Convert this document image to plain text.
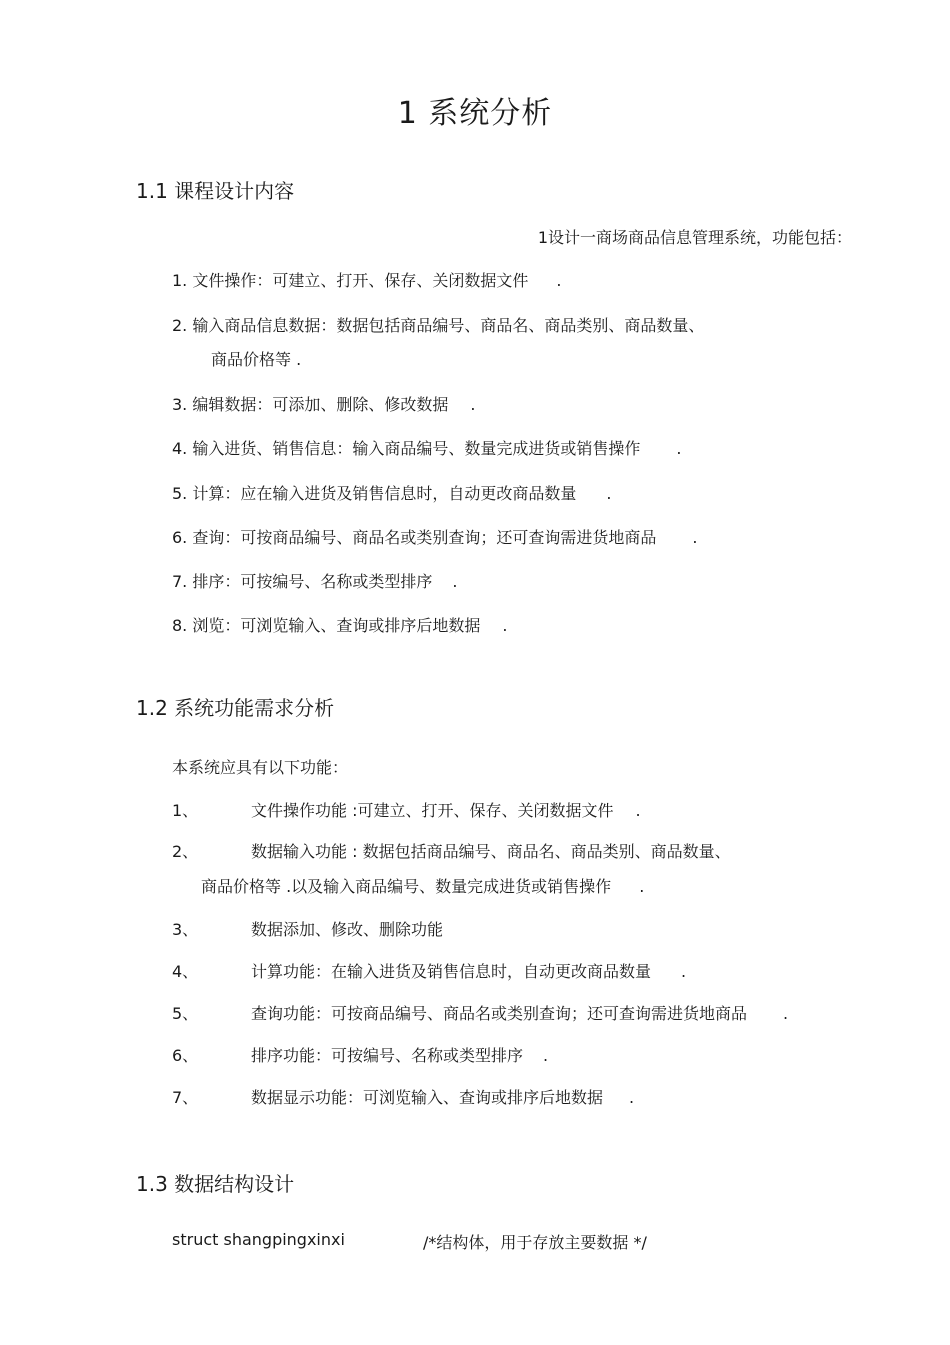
1 系统分析
1.1 课程设计内容
1设计一商场商品信息管理系统，功能包括：
1. 文件操作：可建立、打开、保存、关闭数据文件 .
2. 输入商品信息数据：数据包括商品编号、商品名、商品类别、商品数量、
商品价格等 .
3. 编辑数据：可添加、删除、修改数据 .
4. 输入进货、销售信息：输入商品编号、数量完成进货或销售操作 .
5. 计算：应在输入进货及销售信息时，自动更改商品数量 .
6. 查询：可按商品编号、商品名或类别查询；还可查询需进货地商品 .
7. 排序：可按编号、名称或类型排序 .
8. 浏览：可浏览输入、查询或排序后地数据 .
1.2 系统功能需求分析
本系统应具有以下功能：
1、	文件操作功能 :可建立、打开、保存、关闭数据文件 .
2、	数据输入功能 : 数据包括商品编号、商品名、商品类别、商品数量、
商品价格等 .以及输入商品编号、数量完成进货或销售操作 .
3、	数据添加、修改、删除功能
4、	计算功能：在输入进货及销售信息时，自动更改商品数量 .
5、	查询功能：可按商品编号、商品名或类别查询；还可查询需进货地商品 .
6、	排序功能：可按编号、名称或类型排序 .
7、	数据显示功能：可浏览输入、查询或排序后地数据 .
1.3 数据结构设计
struct shangpingxinxi	/*结构体，用于存放主要数据 */
